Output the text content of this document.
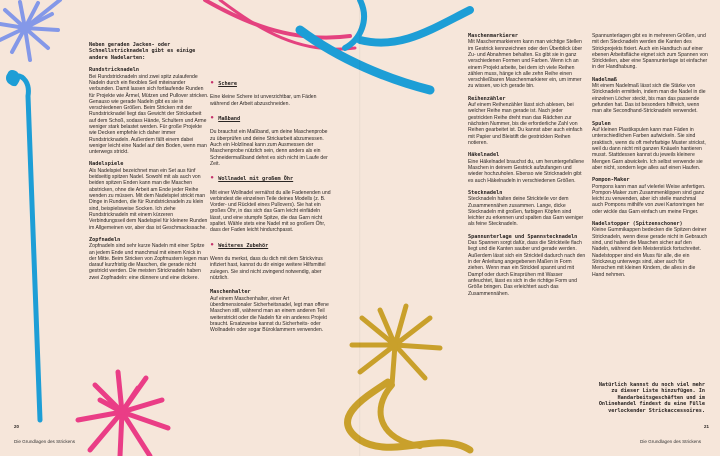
Neben geraden Jacken- oder Schnellstricknadeln gibt es einige andere Nadelarten:
Rundstricknadeln

Bei Rundstricknadeln sind zwei spitz zulaufende Nadeln durch ein flexibles Seil miteinander verbunden. Damit lassen sich fortlaufende Runden für Projekte wie Ärmel, Mützen und Pullover stricken. Genauso wie gerade Nadeln gibt es sie in verschiedenen Größen. Beim Stricken mit der Rundstricknadel liegt das Gewicht der Strickarbeit auf dem Schoß, sodass Hände, Schultern und Arme weniger stark belastet werden. Für große Projekte wie Decken empfehle ich daher immer Rundstricknadeln. Außerdem fällt einem dabei weniger leicht eine Nadel auf den Boden, wenn man unterwegs strickt.

Nadelspiele

Als Nadelspiel bezeichnet man ein Set aus fünf beidseitig spitzen Nadel. Sowohl mit als auch von beiden spitzen Enden kann man die Maschen abstricken, ohne die Arbeit am Ende jeder Reihe wenden zu müssen. Mit dem Nadelspiel strickt man Dinge in Runden, die für Rundstricknadeln zu klein sind, beispielsweise Socken. Ich ziehe Rundstricknadeln mit einem kürzeren Verbindungsseil dem Nadelspiel für kleinere Runden im Allgemeinen vor, aber das ist Geschmackssache.

Zopfnadeln

Zopfnadeln sind sehr kurze Nadeln mit einer Spitze an jedem Ende und manchmal mit einem Knick in der Mitte. Beim Stricken von Zopfmustern legen man darauf kurzfristig die Maschen, die gerade nicht gestrickt werden. Die meisten Stricknadeln haben zwei Zopfnadeln: eine dünnere und eine dickere.

• Schere

Eine kleine Schere ist unverzichtbar, um Fäden während der Arbeit abzuschneiden.

• Maßband

Du brauchst ein Maßband, um deine Maschenprobe zu überprüfen und deine Strickarbeit abzumessen. Auch ein Holzlineal kann zum Ausmessen der Maschenprobe nützlich sein, denn anders als ein Schneidermaßband dehnt es sich nicht im Laufe der Zeit.

• Wollnadel mit großem Öhr

Mit einer Wollnadel vernähst du alle Fadenenden und verbindest die einzelnen Teile deines Modells (z. B. Vorder- und Rückteil eines Pullovers). Sie hat ein großes Öhr, in das sich das Garn leicht einfädeln lässt, und eine stumpfe Spitze, die das Garn nicht spaltet. Wähle stets eine Nadel mit so großem Öhr, dass der Faden leicht hindurchpasst.

• Weiteres Zubehör

Wenn du merkst, dass du dich mit dem Strickvirus infiziert hast, kannst du dir einige weitere Hilfsmittel zulegen. Sie sind nicht zwingend notwendig, aber nützlich.

Maschenhalter

Auf einem Maschenhalter, einer Art überdimensionaler Sicherheitsnadel, legt man offene Maschen still, während man an einem anderen Teil weiterstrickt oder die Nadeln für ein anderes Projekt braucht. Ersatzweise kannst du Sicherheits- oder Wollnadeln oder sogar Büroklammern verwenden.

Maschenmarkierer

Mit Maschenmarkierern kann man wichtige Stellen im Gestrick kennzeichnen oder den Überblick über Zu- und Abnahmen behalten. Es gibt sie in ganz verschiedenen Formen und Farben. Wenn ich an einem Projekt arbeite, bei dem ich viele Reihen zählen muss, hänge ich alle zehn Reihe einen verschließbaren Maschenmarkierer ein, um immer zu wissen, wo ich gerade bin.

Reihenzähler

Auf einem Reihenzähler lässt sich ablesen, bei welcher Reihe man gerade ist. Nach jeder gestrickten Reihe dreht man das Rädchen zur nächsten Nummer, bis die erforderliche Zahl von Reihen gearbeitet ist. Du kannst aber auch einfach mit Papier und Bleistift die gestrickten Reihen notieren.

Häkelnadel

Eine Häkelnadel brauchst du, um heruntergefallene Maschen in deinem Gestrick aufzufangen und wieder hochzuholen. Ebenso wie Stricknadeln gibt es auch Häkelnadeln in verschiedenen Größen.

Stecknadeln

Stecknadeln halten deine Strickteile vor dem Zusammennähen zusammen. Lange, dicke Stecknadeln mit großen, farbigen Köpfen sind leichter zu erkennen und spalten das Garn weniger als feine Stecknadeln.

Spannunterlage und Spannstecknadeln

Das Spannen sorgt dafür, dass die Strickteile flach liegt und die Kanten sauber und gerade werden. Außerdem lässt sich ein Strickteil dadurch nach den in der Anleitung angegebenen Maßen in Form ziehen. Wenn man ein Strickteil spannt und mit Dampf oder durch Einsprühen mit Wasser anfeuchtet, lässt es sich in die richtige Form und Größe bringen. Das erleichtert auch das Zusammennähen.

Spannunterlagen gibt es in mehreren Größen, und mit den Stecknadeln werden die Kanten des Strickprojekts fixiert. Auch ein Handtuch auf einer ebenen Arbeitsfläche eignet sich zum Spannen von Strickteilen, aber eine Spannunterlage ist einfacher in der Handhabung.

Nadelmaß

Mit einem Nadelmaß lässt sich die Stärke von Stricknadeln ermitteln, indem man die Nadel in die einzelnen Löcher steckt, bis man das passende gefunden hat. Das ist besonders hilfreich, wenn man alte Secondhand-Stricknadeln verwendet.

Spulen

Auf kleinen Plastikspulen kann man Fäden in unterschiedlichen Farben aufwickeln. Sie sind praktisch, wenn du oft mehrfarbige Muster strickst, weil du dann nicht mit ganzen Knäueln hantieren musst. Stattdessen kannst du jeweils kleinere Mengen Garn abwickeln. Ich selbst verwende sie aber nicht, sondern lege alles auf einen Haufen.

Pompon-Maker

Pompons kann man auf vielerlei Weise anfertigen. Pompon-Maker zum Zusammenklippen sind ganz leicht zu verwenden, aber ich stelle manchmal auch Pompons mithilfe von zwei Kartonringen her oder wickle das Garn einfach um meine Finger.

Nadelstopper (Spitzenschoner)

Kleine Gummikappen bedecken die Spitzen deiner Stricknadeln, wenn diese gerade nicht in Gebrauch sind, und halten die Maschen sicher auf den Nadeln, während dein Meisterstück fortschreitet. Nadelstopper sind ein Muss für alle, die ein Strickzeug unterwegs sind, aber auch für Menschen mit kleinen Kindern, die alles in die Hand nehmen.

Natürlich kannst du noch viel mehr zu dieser Liste hinzufügen. In Handarbeitsgeschäften und im Onlinehandel findest du eine Fülle verlockender Strickaccessoires.
20
Die Grundlagen des Strickens	Die Grundlagen des Strickens
21
